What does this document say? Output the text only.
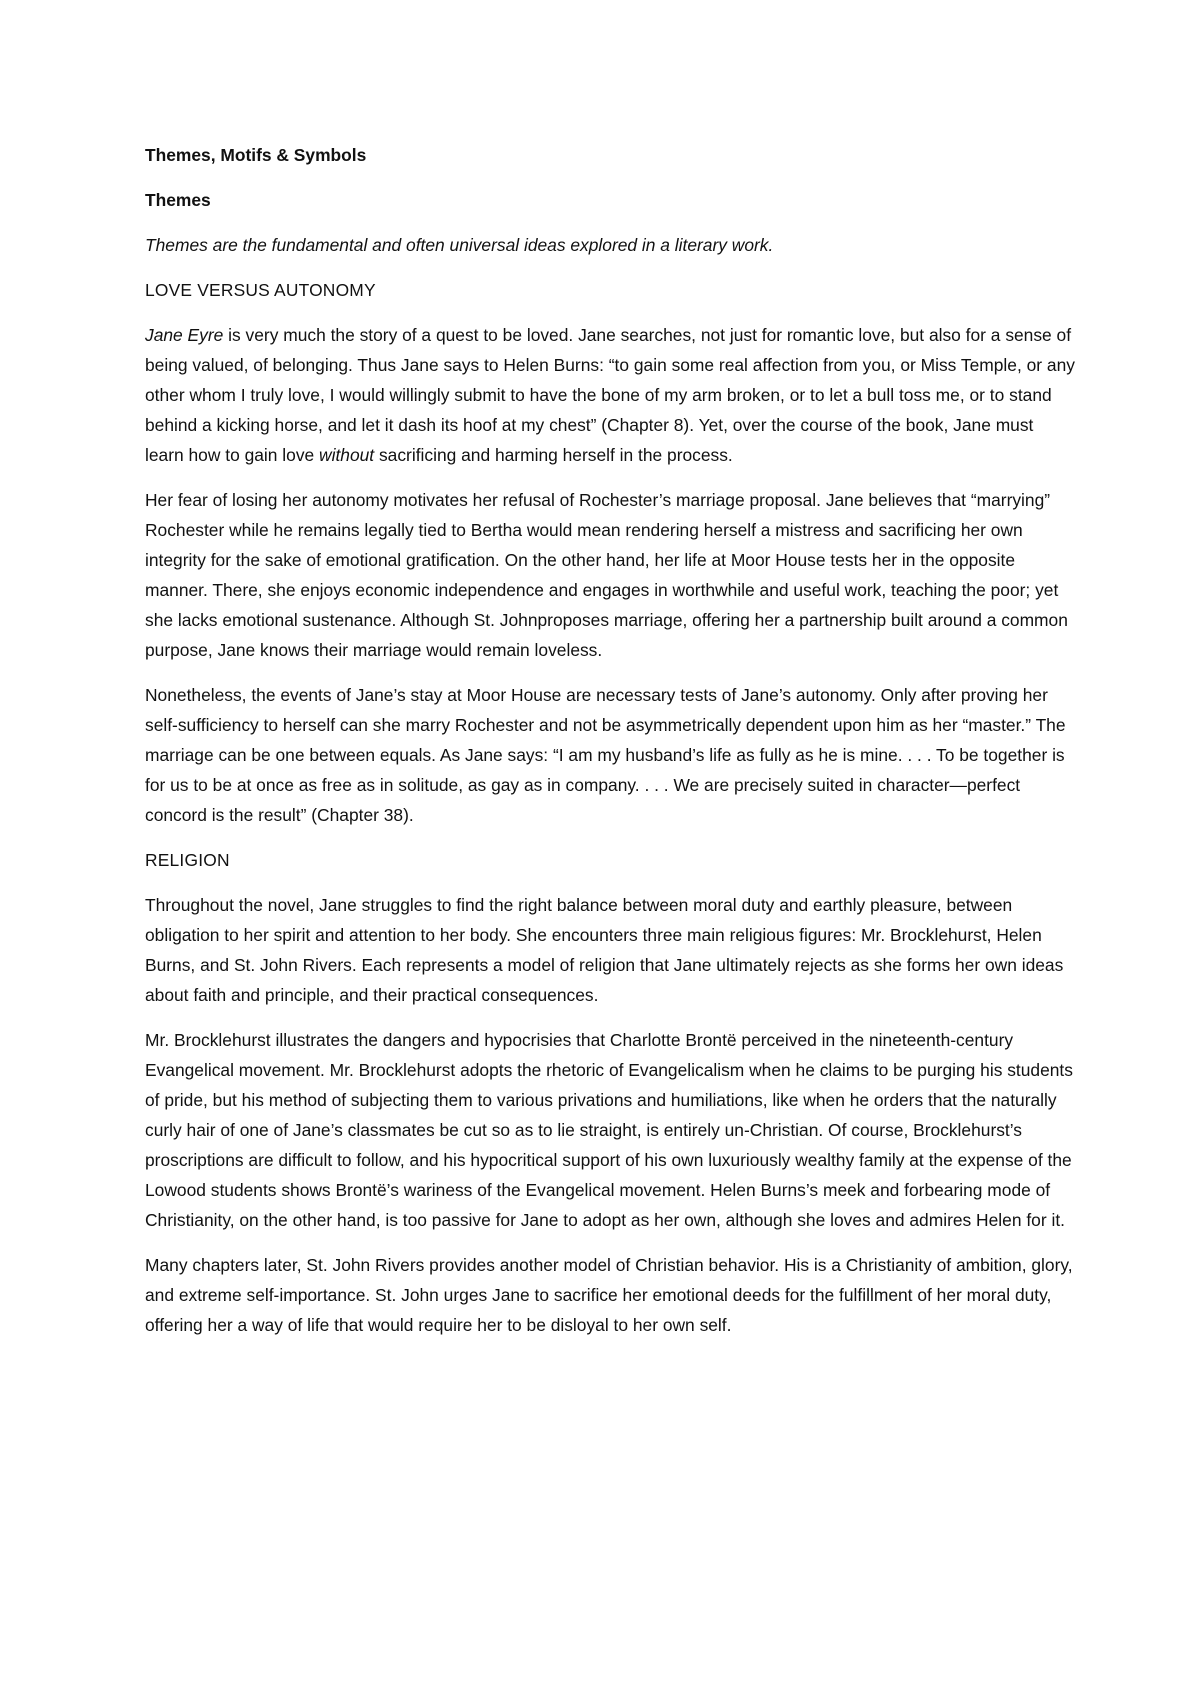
Themes, Motifs & Symbols

Themes

Themes are the fundamental and often universal ideas explored in a literary work.

LOVE VERSUS AUTONOMY

Jane Eyre is very much the story of a quest to be loved. Jane searches, not just for romantic love, but also for a sense of being valued, of belonging. Thus Jane says to Helen Burns: “to gain some real affection from you, or Miss Temple, or any other whom I truly love, I would willingly submit to have the bone of my arm broken, or to let a bull toss me, or to stand behind a kicking horse, and let it dash its hoof at my chest” (Chapter 8). Yet, over the course of the book, Jane must learn how to gain love without sacrificing and harming herself in the process.

Her fear of losing her autonomy motivates her refusal of Rochester’s marriage proposal. Jane believes that “marrying” Rochester while he remains legally tied to Bertha would mean rendering herself a mistress and sacrificing her own integrity for the sake of emotional gratification. On the other hand, her life at Moor House tests her in the opposite manner. There, she enjoys economic independence and engages in worthwhile and useful work, teaching the poor; yet she lacks emotional sustenance. Although St. Johnproposes marriage, offering her a partnership built around a common purpose, Jane knows their marriage would remain loveless.

Nonetheless, the events of Jane’s stay at Moor House are necessary tests of Jane’s autonomy. Only after proving her self-sufficiency to herself can she marry Rochester and not be asymmetrically dependent upon him as her “master.” The marriage can be one between equals. As Jane says: “I am my husband’s life as fully as he is mine. . . . To be together is for us to be at once as free as in solitude, as gay as in company. . . . We are precisely suited in character—perfect concord is the result” (Chapter 38).

RELIGION

Throughout the novel, Jane struggles to find the right balance between moral duty and earthly pleasure, between obligation to her spirit and attention to her body. She encounters three main religious figures: Mr. Brocklehurst, Helen Burns, and St. John Rivers. Each represents a model of religion that Jane ultimately rejects as she forms her own ideas about faith and principle, and their practical consequences.

Mr. Brocklehurst illustrates the dangers and hypocrisies that Charlotte Brontë perceived in the nineteenth-century Evangelical movement. Mr. Brocklehurst adopts the rhetoric of Evangelicalism when he claims to be purging his students of pride, but his method of subjecting them to various privations and humiliations, like when he orders that the naturally curly hair of one of Jane’s classmates be cut so as to lie straight, is entirely un-Christian. Of course, Brocklehurst’s proscriptions are difficult to follow, and his hypocritical support of his own luxuriously wealthy family at the expense of the Lowood students shows Brontë’s wariness of the Evangelical movement. Helen Burns’s meek and forbearing mode of Christianity, on the other hand, is too passive for Jane to adopt as her own, although she loves and admires Helen for it.

Many chapters later, St. John Rivers provides another model of Christian behavior. His is a Christianity of ambition, glory, and extreme self-importance. St. John urges Jane to sacrifice her emotional deeds for the fulfillment of her moral duty, offering her a way of life that would require her to be disloyal to her own self.
